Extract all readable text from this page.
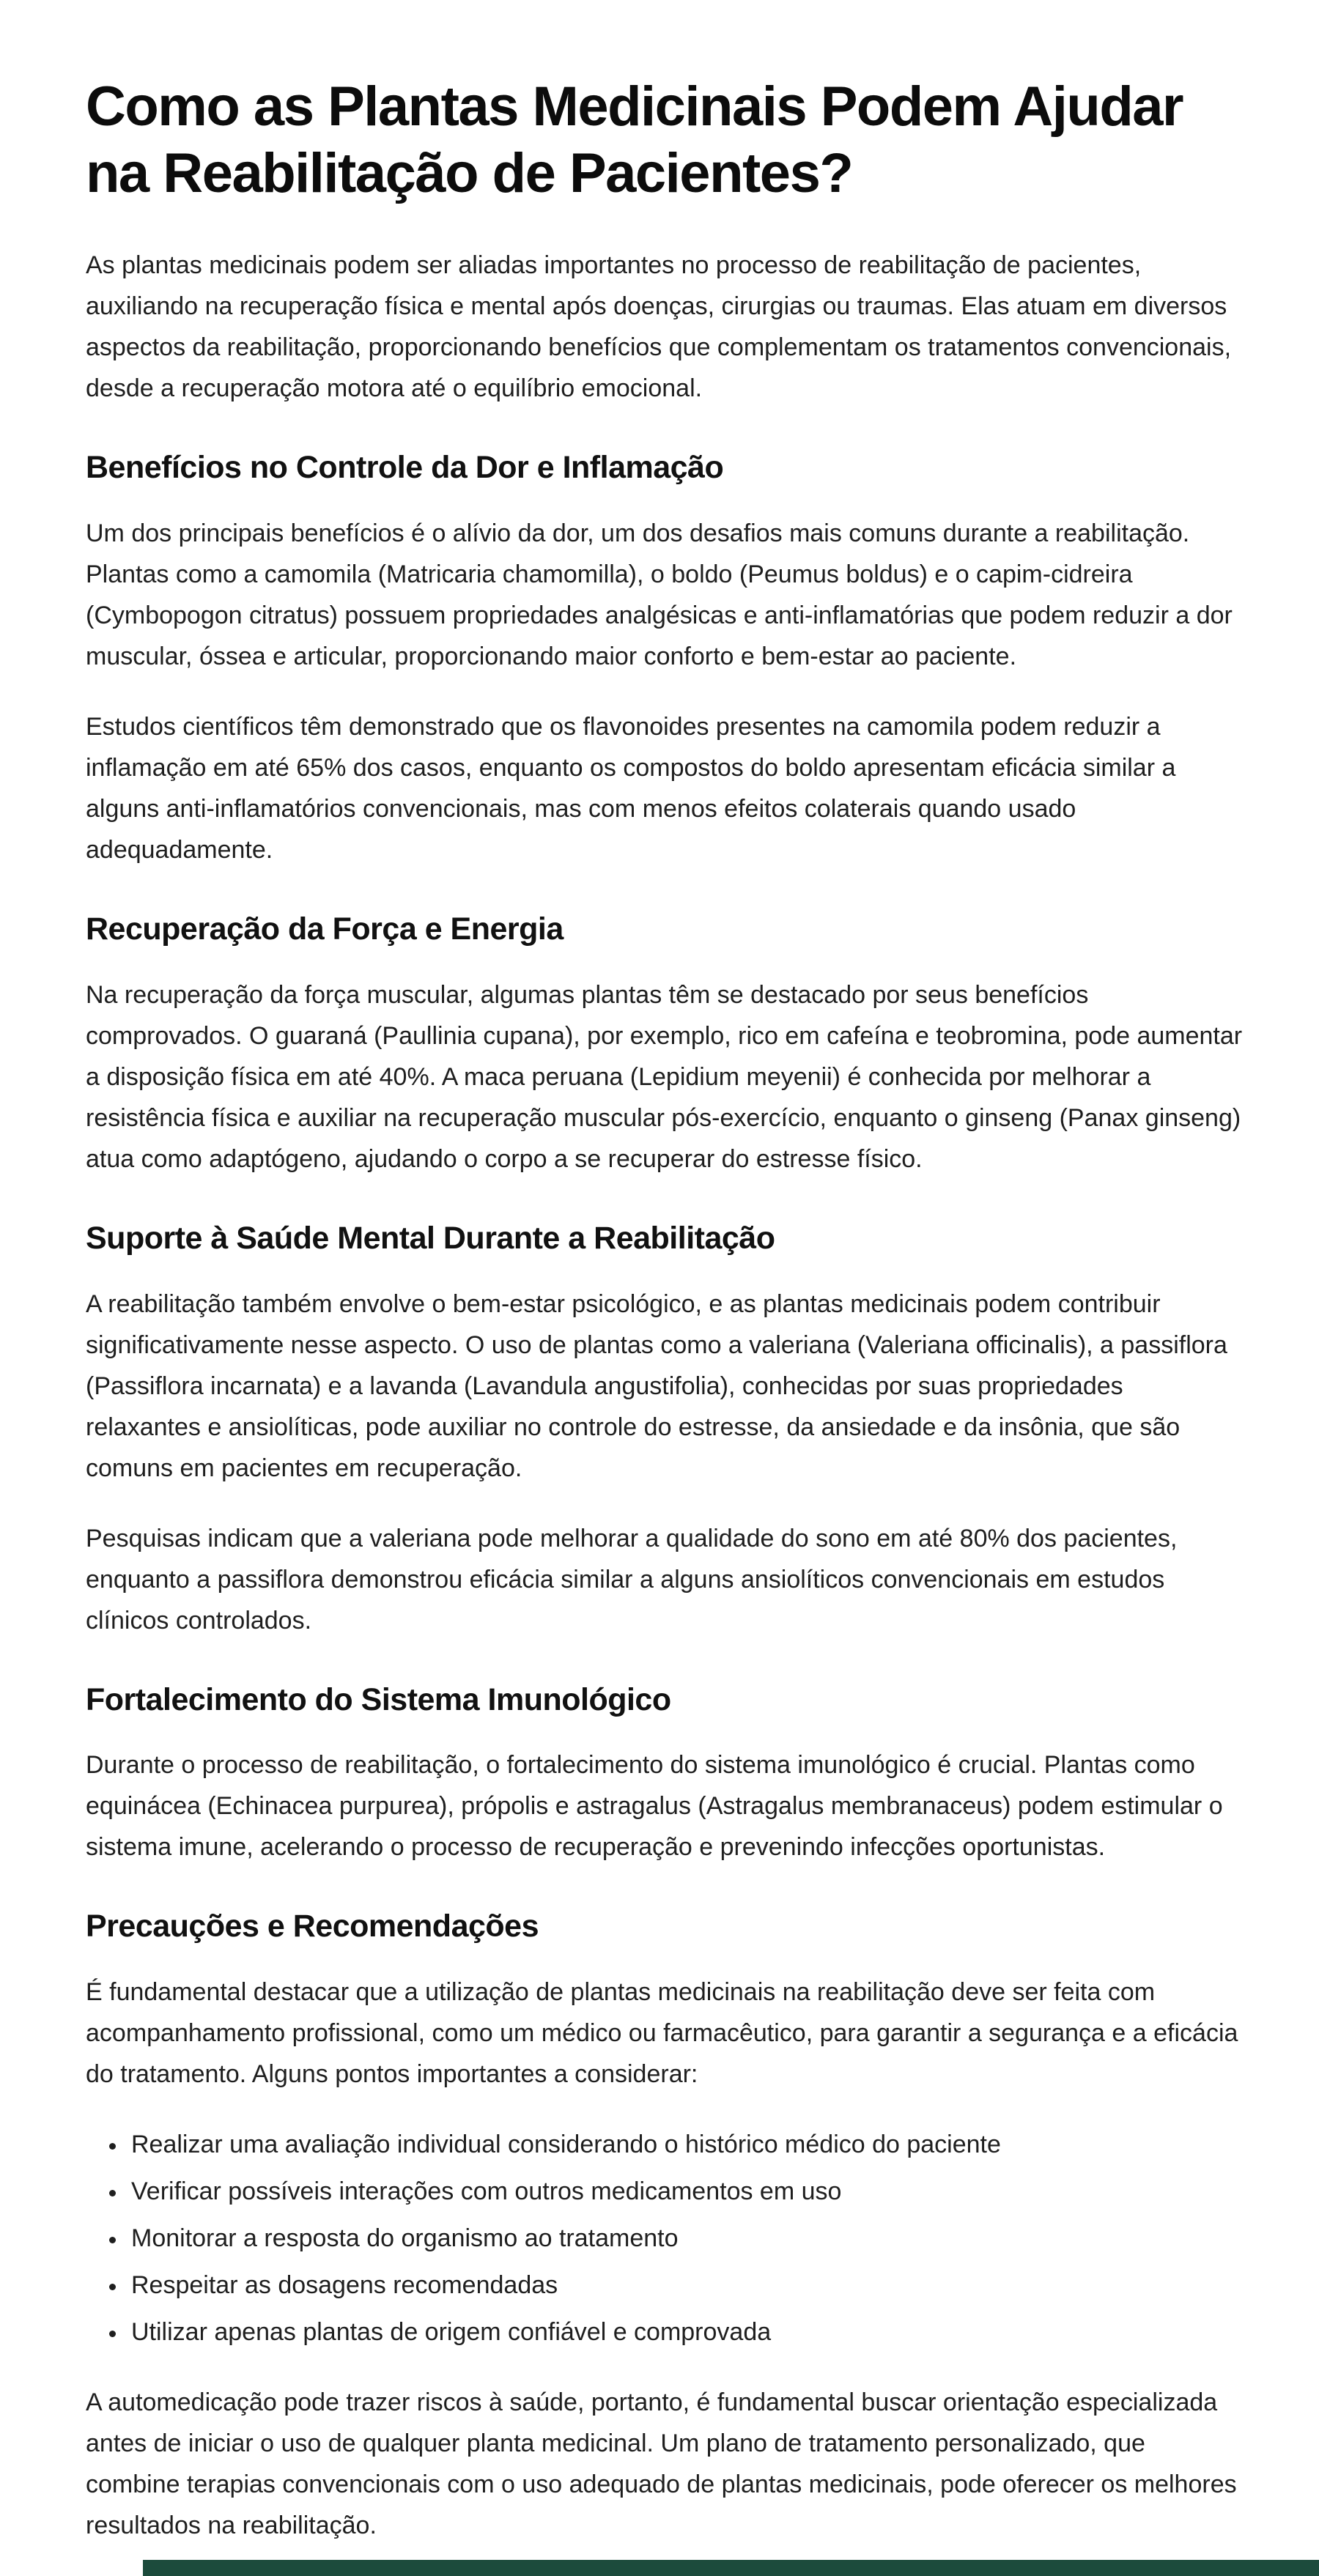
Como as Plantas Medicinais Podem Ajudar na Reabilitação de Pacientes?

As plantas medicinais podem ser aliadas importantes no processo de reabilitação de pacientes, auxiliando na recuperação física e mental após doenças, cirurgias ou traumas. Elas atuam em diversos aspectos da reabilitação, proporcionando benefícios que complementam os tratamentos convencionais, desde a recuperação motora até o equilíbrio emocional.

Benefícios no Controle da Dor e Inflamação

Um dos principais benefícios é o alívio da dor, um dos desafios mais comuns durante a reabilitação. Plantas como a camomila (Matricaria chamomilla), o boldo (Peumus boldus) e o capim-cidreira (Cymbopogon citratus) possuem propriedades analgésicas e anti-inflamatórias que podem reduzir a dor muscular, óssea e articular, proporcionando maior conforto e bem-estar ao paciente.

Estudos científicos têm demonstrado que os flavonoides presentes na camomila podem reduzir a inflamação em até 65% dos casos, enquanto os compostos do boldo apresentam eficácia similar a alguns anti-inflamatórios convencionais, mas com menos efeitos colaterais quando usado adequadamente.

Recuperação da Força e Energia

Na recuperação da força muscular, algumas plantas têm se destacado por seus benefícios comprovados. O guaraná (Paullinia cupana), por exemplo, rico em cafeína e teobromina, pode aumentar a disposição física em até 40%. A maca peruana (Lepidium meyenii) é conhecida por melhorar a resistência física e auxiliar na recuperação muscular pós-exercício, enquanto o ginseng (Panax ginseng) atua como adaptógeno, ajudando o corpo a se recuperar do estresse físico.

Suporte à Saúde Mental Durante a Reabilitação

A reabilitação também envolve o bem-estar psicológico, e as plantas medicinais podem contribuir significativamente nesse aspecto. O uso de plantas como a valeriana (Valeriana officinalis), a passiflora (Passiflora incarnata) e a lavanda (Lavandula angustifolia), conhecidas por suas propriedades relaxantes e ansiolíticas, pode auxiliar no controle do estresse, da ansiedade e da insônia, que são comuns em pacientes em recuperação.

Pesquisas indicam que a valeriana pode melhorar a qualidade do sono em até 80% dos pacientes, enquanto a passiflora demonstrou eficácia similar a alguns ansiolíticos convencionais em estudos clínicos controlados.

Fortalecimento do Sistema Imunológico

Durante o processo de reabilitação, o fortalecimento do sistema imunológico é crucial. Plantas como equinácea (Echinacea purpurea), própolis e astragalus (Astragalus membranaceus) podem estimular o sistema imune, acelerando o processo de recuperação e prevenindo infecções oportunistas.

Precauções e Recomendações

É fundamental destacar que a utilização de plantas medicinais na reabilitação deve ser feita com acompanhamento profissional, como um médico ou farmacêutico, para garantir a segurança e a eficácia do tratamento. Alguns pontos importantes a considerar:

• Realizar uma avaliação individual considerando o histórico médico do paciente
• Verificar possíveis interações com outros medicamentos em uso
• Monitorar a resposta do organismo ao tratamento
• Respeitar as dosagens recomendadas
• Utilizar apenas plantas de origem confiável e comprovada

A automedicação pode trazer riscos à saúde, portanto, é fundamental buscar orientação especializada antes de iniciar o uso de qualquer planta medicinal. Um plano de tratamento personalizado, que combine terapias convencionais com o uso adequado de plantas medicinais, pode oferecer os melhores resultados na reabilitação.
